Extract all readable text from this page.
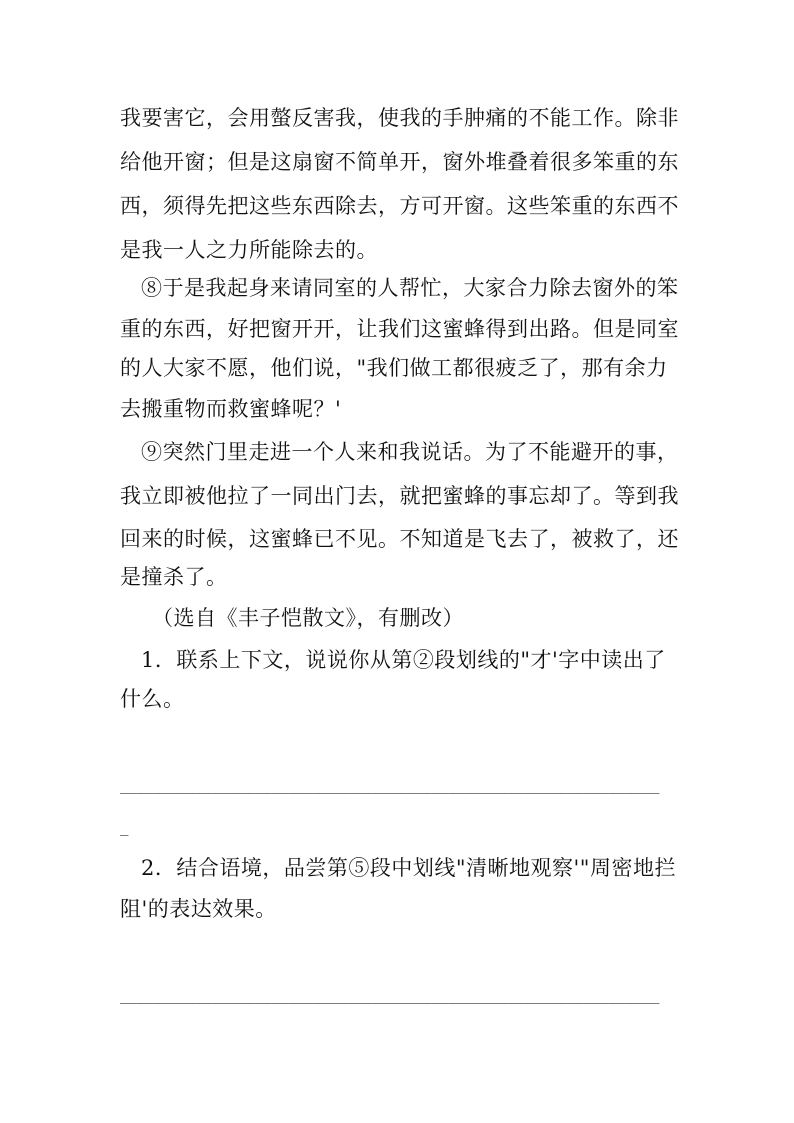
我要害它，会用螫反害我，使我的手肿痛的不能工作。除非
给他开窗；但是这扇窗不简单开，窗外堆叠着很多笨重的东
西，须得先把这些东西除去，方可开窗。这些笨重的东西不
是我一人之力所能除去的。
⑧于是我起身来请同室的人帮忙，大家合力除去窗外的笨
重的东西，好把窗开开，让我们这蜜蜂得到出路。但是同室
的人大家不愿，他们说，"我们做工都很疲乏了，那有余力
去搬重物而救蜜蜂呢？'
⑨突然门里走进一个人来和我说话。为了不能避开的事，
我立即被他拉了一同出门去，就把蜜蜂的事忘却了。等到我
回来的时候，这蜜蜂已不见。不知道是飞去了，被救了，还
是撞杀了。
（选自《丰子恺散文》，有删改）
1．联系上下文，说说你从第②段划线的"才'字中读出了
什么。
________________________________________________________________
_
2．结合语境，品尝第⑤段中划线"清晰地观察'"周密地拦
阻'的表达效果。
________________________________________________________________
